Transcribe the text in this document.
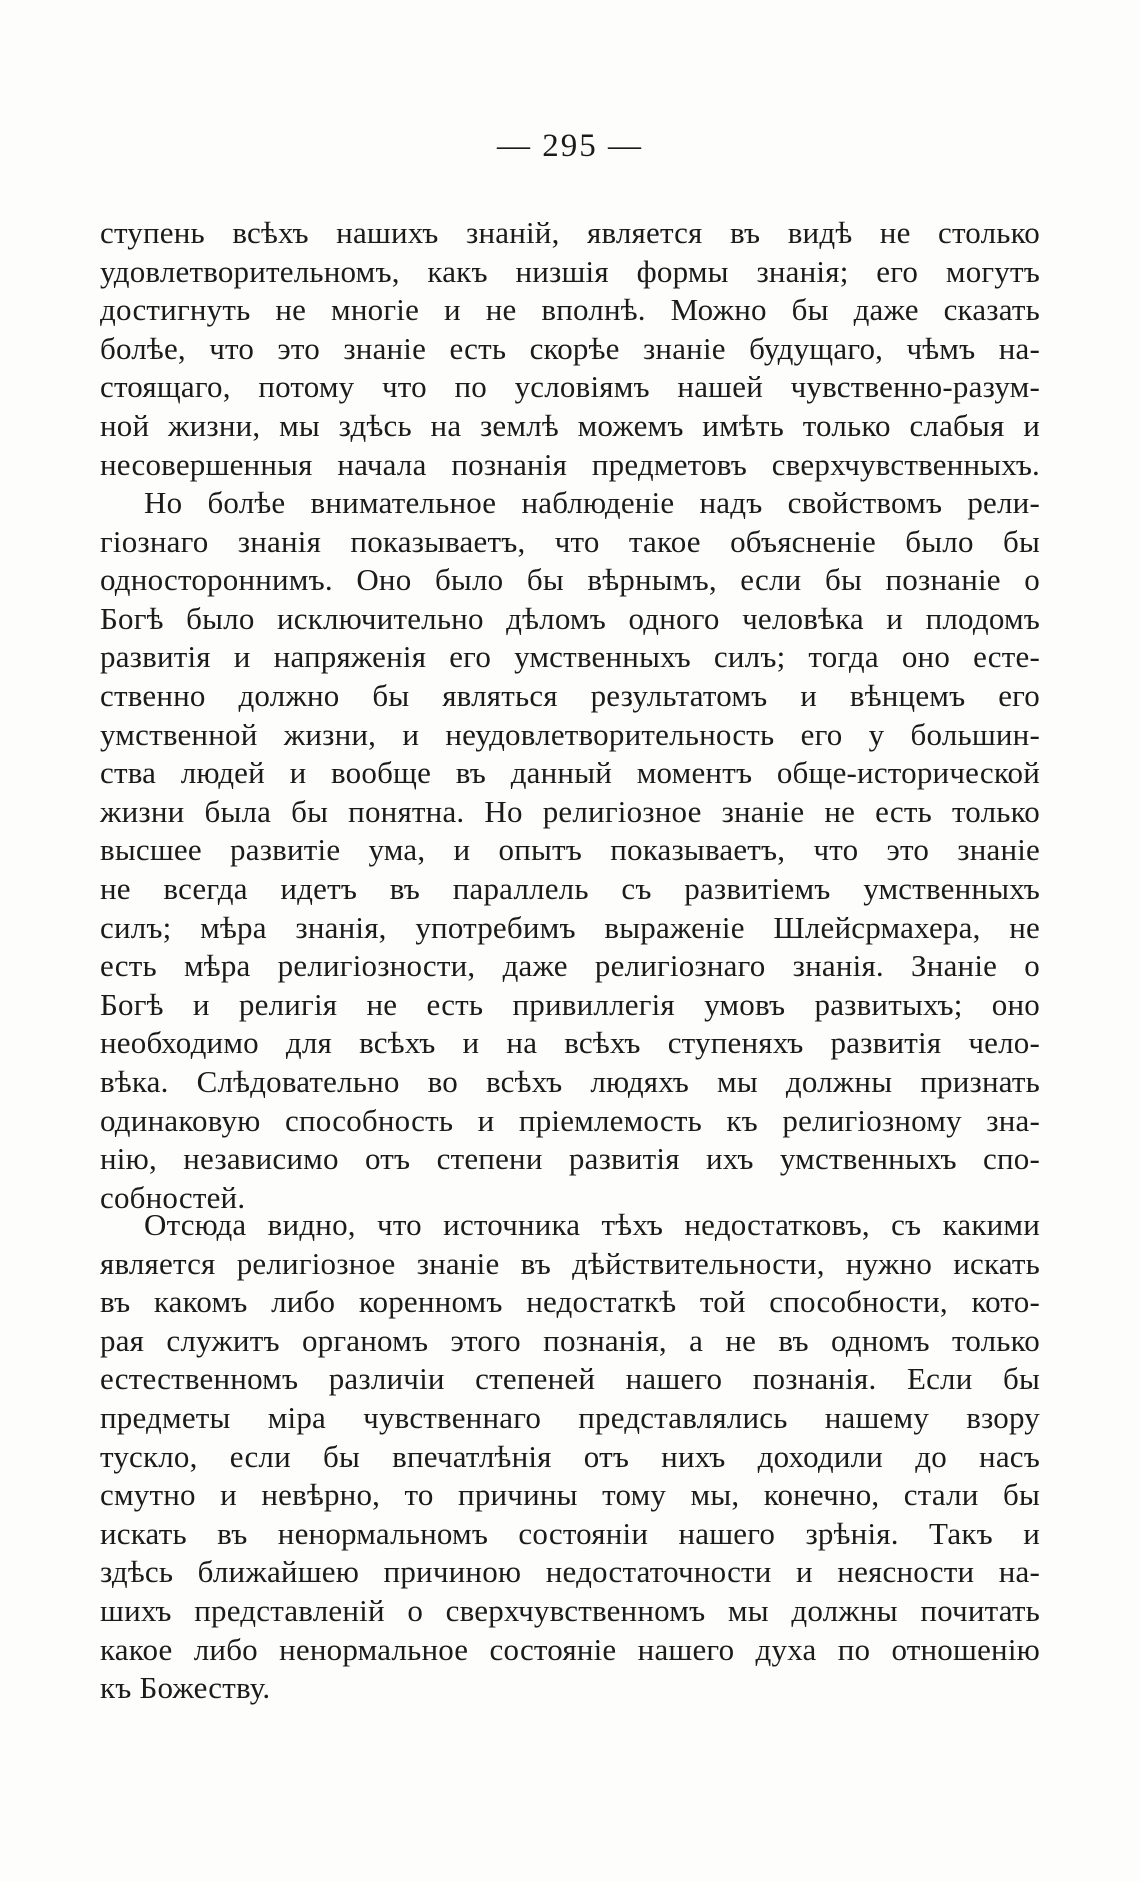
— 295 —
ступень всѣхъ нашихъ знаній, является въ видѣ не столько
удовлетворительномъ, какъ низшія формы знанія; его могутъ
достигнуть не многіе и не вполнѣ. Можно бы даже сказать
болѣе, что это знаніе есть скорѣе знаніе будущаго, чѣмъ на-
стоящаго, потому что по условіямъ нашей чувственно-разум-
ной жизни, мы здѣсь на землѣ можемъ имѣть только слабыя и
несовершенныя начала познанія предметовъ сверхчувственныхъ.
Но болѣе внимательное наблюденіе надъ свойствомъ рели-
гіознаго знанія показываетъ, что такое объясненіе было бы
одностороннимъ. Оно было бы вѣрнымъ, если бы познаніе о
Богѣ было исключительно дѣломъ одного человѣка и плодомъ
развитія и напряженія его умственныхъ силъ; тогда оно есте-
ственно должно бы являться результатомъ и вѣнцемъ его
умственной жизни, и неудовлетворительность его у большин-
ства людей и вообще въ данный моментъ обще-исторической
жизни была бы понятна. Но религіозное знаніе не есть только
высшее развитіе ума, и опытъ показываетъ, что это знаніе
не всегда идетъ въ параллель съ развитіемъ умственныхъ
силъ; мѣра знанія, употребимъ выраженіе Шлейсрмахера, не
есть мѣра религіозности, даже религіознаго знанія. Знаніе о
Богѣ и религія не есть привиллегія умовъ развитыхъ; оно
необходимо для всѣхъ и на всѣхъ ступеняхъ развитія чело-
вѣка. Слѣдовательно во всѣхъ людяхъ мы должны признать
одинаковую способность и пріемлемость къ религіозному зна-
нію, независимо отъ степени развитія ихъ умственныхъ спо-
собностей.
Отсюда видно, что источника тѣхъ недостатковъ, съ какими
является религіозное знаніе въ дѣйствительности, нужно искать
въ какомъ либо коренномъ недостаткѣ той способности, кото-
рая служитъ органомъ этого познанія, а не въ одномъ только
естественномъ различіи степеней нашего познанія. Если бы
предметы міра чувственнаго представлялись нашему взору
тускло, если бы впечатлѣнія отъ нихъ доходили до насъ
смутно и невѣрно, то причины тому мы, конечно, стали бы
искать въ ненормальномъ состояніи нашего зрѣнія. Такъ и
здѣсь ближайшею причиною недостаточности и неясности на-
шихъ представленій о сверхчувственномъ мы должны почитать
какое либо ненормальное состояніе нашего духа по отношенію
къ Божеству.
